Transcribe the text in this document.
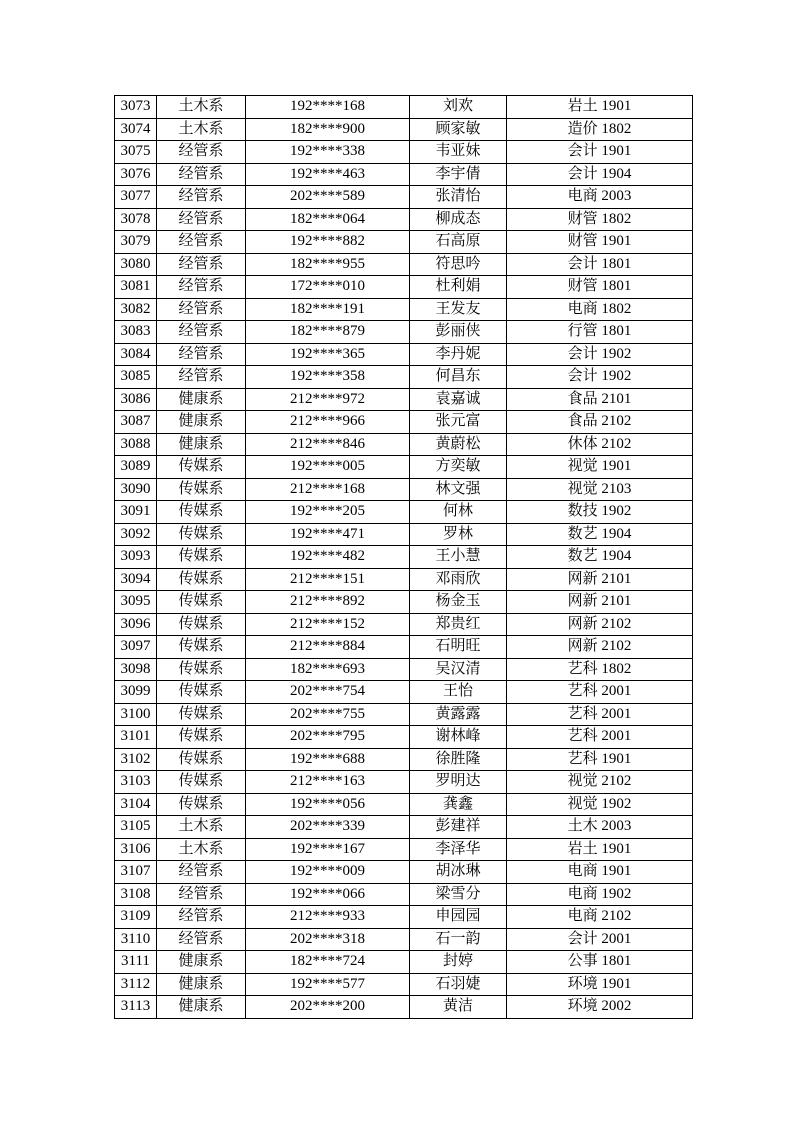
3073	土木系	192****168	刘欢	岩土 1901
3074	土木系	182****900	顾家敏	造价 1802
3075	经管系	192****338	韦亚妹	会计 1901
3076	经管系	192****463	李宇倩	会计 1904
3077	经管系	202****589	张清怡	电商 2003
3078	经管系	182****064	柳成态	财管 1802
3079	经管系	192****882	石高原	财管 1901
3080	经管系	182****955	符思吟	会计 1801
3081	经管系	172****010	杜利娟	财管 1801
3082	经管系	182****191	王发友	电商 1802
3083	经管系	182****879	彭丽侠	行管 1801
3084	经管系	192****365	李丹妮	会计 1902
3085	经管系	192****358	何昌东	会计 1902
3086	健康系	212****972	袁嘉诚	食品 2101
3087	健康系	212****966	张元富	食品 2102
3088	健康系	212****846	黄蔚松	休体 2102
3089	传媒系	192****005	方奕敏	视觉 1901
3090	传媒系	212****168	林文强	视觉 2103
3091	传媒系	192****205	何林	数技 1902
3092	传媒系	192****471	罗林	数艺 1904
3093	传媒系	192****482	王小慧	数艺 1904
3094	传媒系	212****151	邓雨欣	网新 2101
3095	传媒系	212****892	杨金玉	网新 2101
3096	传媒系	212****152	郑贵红	网新 2102
3097	传媒系	212****884	石明旺	网新 2102
3098	传媒系	182****693	吴汉清	艺科 1802
3099	传媒系	202****754	王怡	艺科 2001
3100	传媒系	202****755	黄露露	艺科 2001
3101	传媒系	202****795	谢林峰	艺科 2001
3102	传媒系	192****688	徐胜隆	艺科 1901
3103	传媒系	212****163	罗明达	视觉 2102
3104	传媒系	192****056	龚鑫	视觉 1902
3105	土木系	202****339	彭建祥	土木 2003
3106	土木系	192****167	李泽华	岩土 1901
3107	经管系	192****009	胡冰琳	电商 1901
3108	经管系	192****066	梁雪分	电商 1902
3109	经管系	212****933	申园园	电商 2102
3110	经管系	202****318	石一韵	会计 2001
3111	健康系	182****724	封婷	公事 1801
3112	健康系	192****577	石羽婕	环境 1901
3113	健康系	202****200	黄洁	环境 2002
